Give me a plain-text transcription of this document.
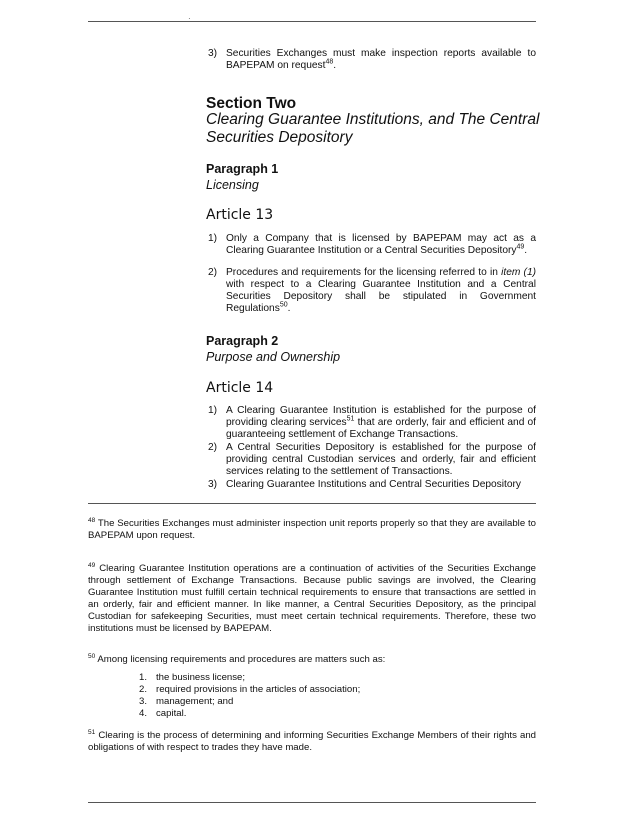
·
3) Securities Exchanges must make inspection reports available to BAPEPAM on request$^{48}$.
Section Two
Clearing Guarantee Institutions, and The Central Securities Depository
Paragraph 1
Licensing
Article 13
1) Only a Company that is licensed by BAPEPAM may act as a Clearing Guarantee Institution or a Central Securities Depository$^{49}$.
2) Procedures and requirements for the licensing referred to in item (1) with respect to a Clearing Guarantee Institution and a Central Securities Depository shall be stipulated in Government Regulations$^{50}$.
Paragraph 2
Purpose and Ownership
Article 14
1) A Clearing Guarantee Institution is established for the purpose of providing clearing services$^{51}$ that are orderly, fair and efficient and of guaranteeing settlement of Exchange Transactions.
2) A Central Securities Depository is established for the purpose of providing central Custodian services and orderly, fair and efficient services relating to the settlement of Transactions.
3) Clearing Guarantee Institutions and Central Securities Depository
$^{48}$ The Securities Exchanges must administer inspection unit reports properly so that they are available to BAPEPAM upon request.
$^{49}$ Clearing Guarantee Institution operations are a continuation of activities of the Securities Exchange through settlement of Exchange Transactions. Because public savings are involved, the Clearing Guarantee Institution must fulfill certain technical requirements to ensure that transactions are settled in an orderly, fair and efficient manner. In like manner, a Central Securities Depository, as the principal Custodian for safekeeping Securities, must meet certain technical requirements. Therefore, these two institutions must be licensed by BAPEPAM.
$^{50}$ Among licensing requirements and procedures are matters such as:
1. the business license;
2. required provisions in the articles of association;
3. management; and
4. capital.
$^{51}$ Clearing is the process of determining and informing Securities Exchange Members of their rights and obligations of with respect to trades they have made.
